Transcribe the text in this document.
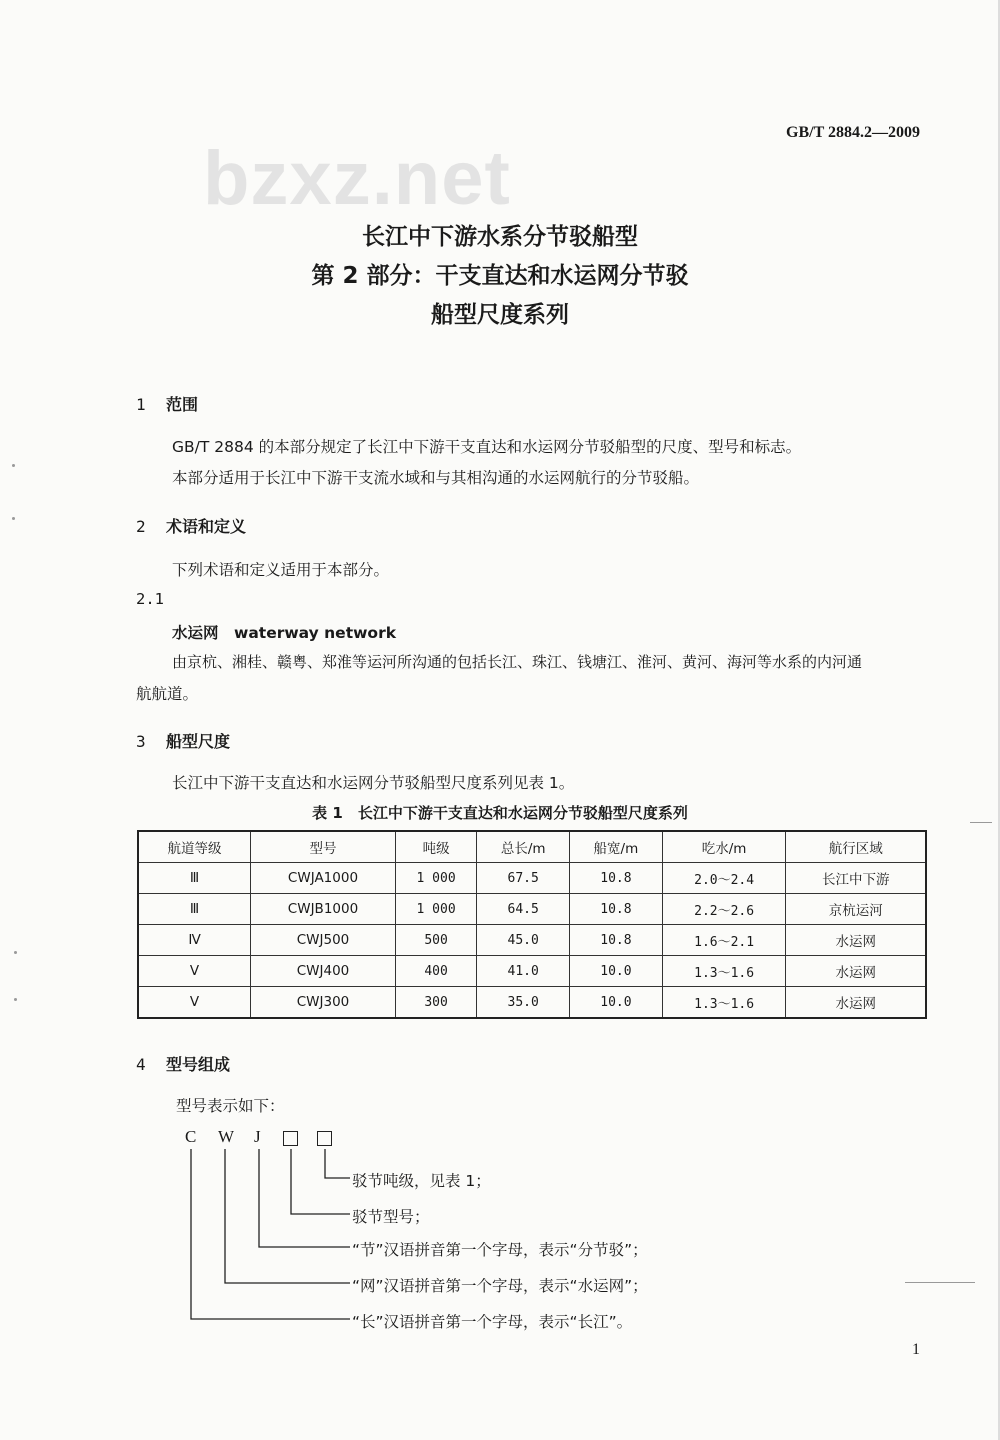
GB/T 2884.2—2009
bzxz.net
长江中下游水系分节驳船型
第 2 部分：干支直达和水运网分节驳
船型尺度系列
1 范围
GB/T 2884 的本部分规定了长江中下游干支直达和水运网分节驳船型的尺度、型号和标志。
本部分适用于长江中下游干支流水域和与其相沟通的水运网航行的分节驳船。
2 术语和定义
下列术语和定义适用于本部分。
2.1
水运网　waterway network
由京杭、湘桂、赣粤、郑淮等运河所沟通的包括长江、珠江、钱塘江、淮河、黄河、海河等水系的内河通
航航道。
3 船型尺度
长江中下游干支直达和水运网分节驳船型尺度系列见表 1。
表 1　长江中下游干支直达和水运网分节驳船型尺度系列
航道等级	型号	吨级	总长/m	船宽/m	吃水/m	航行区域
Ⅲ	CWJA1000	1 000	67.5	10.8	2.0～2.4	长江中下游
Ⅲ	CWJB1000	1 000	64.5	10.8	2.2～2.6	京杭运河
Ⅳ	CWJ500	500	45.0	10.8	1.6～2.1	水运网
Ⅴ	CWJ400	400	41.0	10.0	1.3～1.6	水运网
Ⅴ	CWJ300	300	35.0	10.0	1.3～1.6	水运网
4 型号组成
型号表示如下：
C W J
驳节吨级，见表 1；
驳节型号；
“节”汉语拼音第一个字母，表示“分节驳”；
“网”汉语拼音第一个字母，表示“水运网”；
“长”汉语拼音第一个字母，表示“长江”。
1
